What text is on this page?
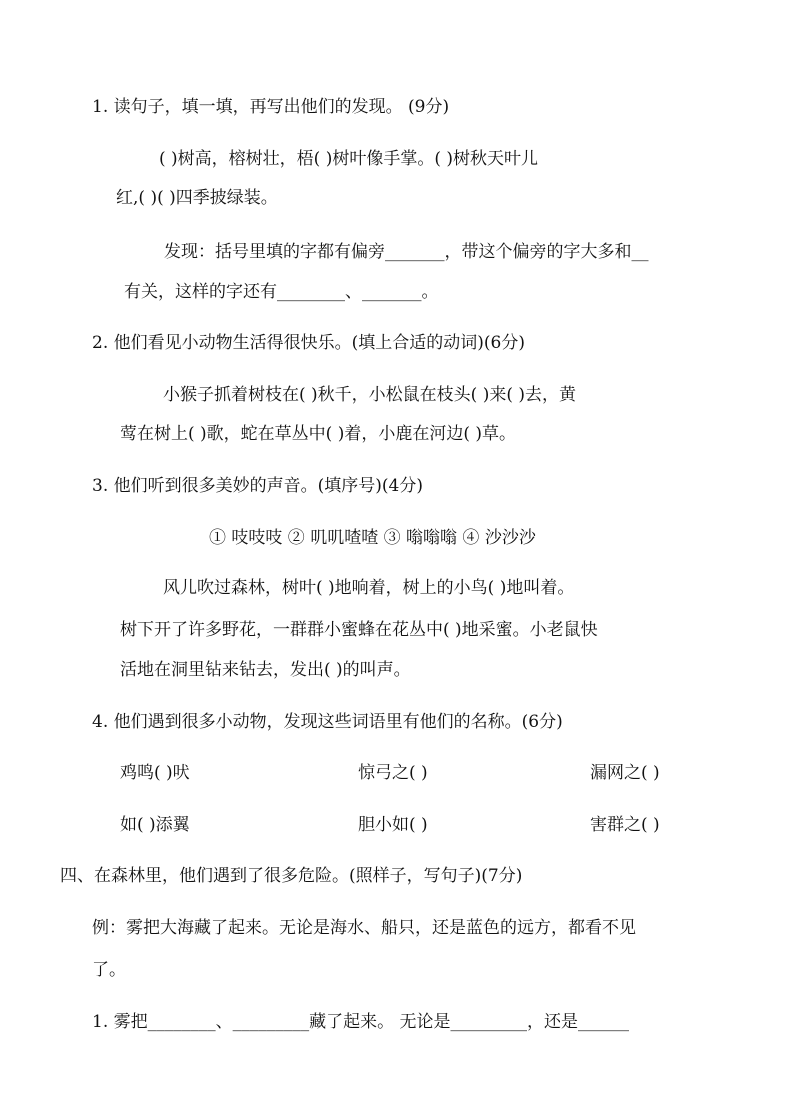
1. 读句子，填一填，再写出他们的发现。 (9分)
( )树高，榕树壮，梧( )树叶像手掌。( )树秋天叶儿
红,( )( )四季披绿装。
发现：括号里填的字都有偏旁_______，带这个偏旁的字大多和__
有关，这样的字还有________、_______。
2. 他们看见小动物生活得很快乐。(填上合适的动词)(6分)
小猴子抓着树枝在( )秋千，小松鼠在枝头( )来( )去，黄
莺在树上( )歌，蛇在草丛中( )着，小鹿在河边( )草。
3. 他们听到很多美妙的声音。(填序号)(4分)
① 吱吱吱 ② 叽叽喳喳 ③ 嗡嗡嗡 ④ 沙沙沙
风儿吹过森林，树叶( )地响着，树上的小鸟( )地叫着。
树下开了许多野花，一群群小蜜蜂在花丛中( )地采蜜。小老鼠快
活地在洞里钻来钻去，发出( )的叫声。
4. 他们遇到很多小动物，发现这些词语里有他们的名称。(6分)
鸡鸣( )吠	惊弓之( )	漏网之( )
如( )添翼	胆小如( )	害群之( )
四、在森林里，他们遇到了很多危险。(照样子，写句子)(7分)
例：雾把大海藏了起来。无论是海水、船只，还是蓝色的远方，都看不见
了。
1. 雾把________、_________藏了起来。 无论是_________，还是______
